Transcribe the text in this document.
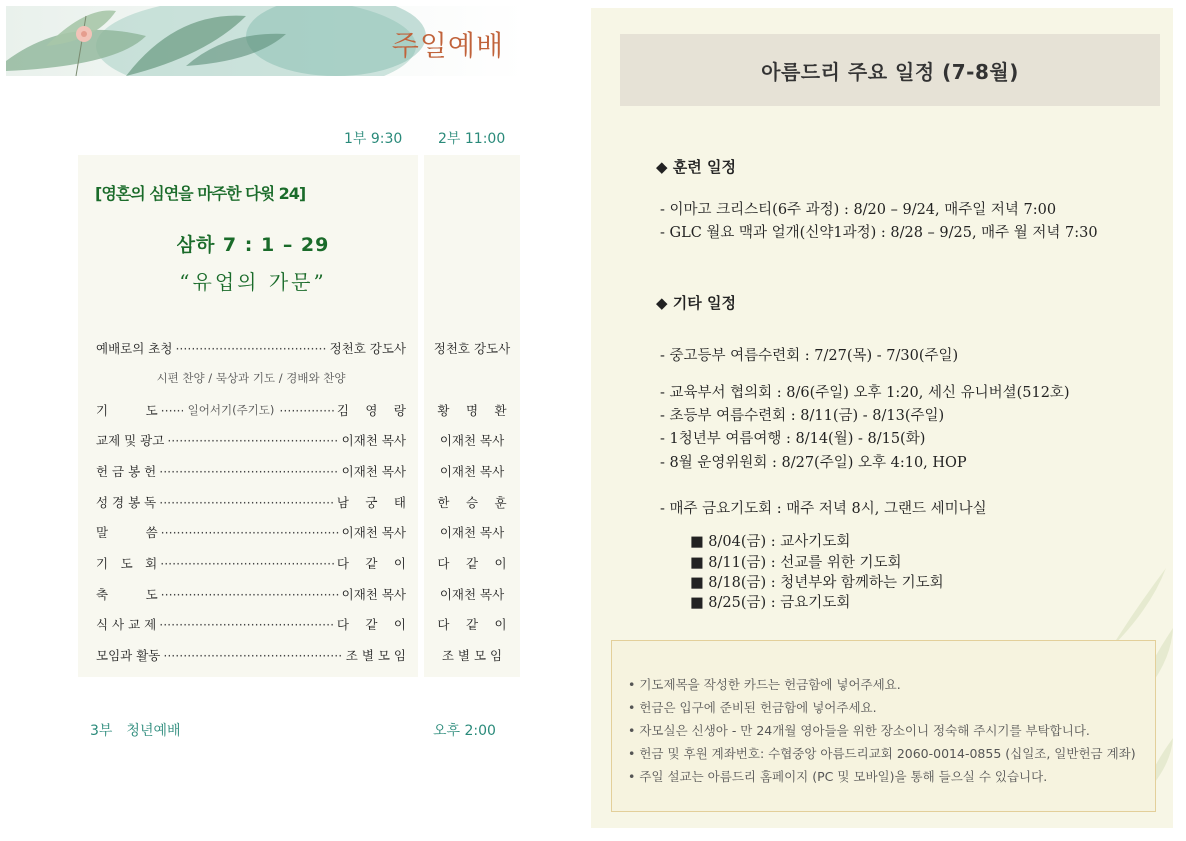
주일예배
1부 9:30	2부 11:00
[영혼의 심연을 마주한 다윗 24]
삼하 7 : 1 – 29
“유업의 가문”
예배로의 초청 ·····	정천호 강도사	정천호 강도사
시편 찬양 / 묵상과 기도 / 경배와 찬양
기　　　도 ·····	일어서기(주기도) ·····	김 　영 　랑	황 　명 　환
교제 및 광고 ·····	이재천 목사	이재천 목사
헌 금 봉 헌 ·····	이재천 목사	이재천 목사
성 경 봉 독 ·····	남 　궁 　태	한 　승 　훈
말　　　씀 ·····	이재천 목사	이재천 목사
기　도　회 ·····	다 　같 　이	다 　같 　이
축　　　도 ·····	이재천 목사	이재천 목사
식 사 교 제 ·····	다 　같 　이	다 　같 　이
모임과 활동 ·····	조 별 모 임	조 별 모 임
3부　청년예배	오후 2:00
아름드리 주요 일정 (7-8월)
◆ 훈련 일정
- 이마고 크리스티(6주 과정) : 8/20 – 9/24, 매주일 저녁 7:00
- GLC 월요 맥과 얼개(신약1과정) : 8/28 – 9/25, 매주 월 저녁 7:30
◆ 기타 일정
- 중고등부 여름수련회 : 7/27(목) - 7/30(주일)
- 교육부서 협의회 : 8/6(주일) 오후 1:20, 세신 유니버셜(512호)
- 초등부 여름수련회 : 8/11(금) - 8/13(주일)
- 1청년부 여름여행 : 8/14(월) - 8/15(화)
- 8월 운영위원회 : 8/27(주일) 오후 4:10, HOP
- 매주 금요기도회 : 매주 저녁 8시, 그랜드 세미나실
■ 8/04(금) : 교사기도회
■ 8/11(금) : 선교를 위한 기도회
■ 8/18(금) : 청년부와 함께하는 기도회
■ 8/25(금) : 금요기도회
• 기도제목을 작성한 카드는 헌금함에 넣어주세요.
• 헌금은 입구에 준비된 헌금함에 넣어주세요.
• 자모실은 신생아 - 만 24개월 영아들을 위한 장소이니 정숙해 주시기를 부탁합니다.
• 헌금 및 후원 계좌번호: 수협중앙 아름드리교회 2060-0014-0855 (십일조, 일반헌금 계좌)
• 주일 설교는 아름드리 홈페이지 (PC 및 모바일)을 통해 들으실 수 있습니다.
